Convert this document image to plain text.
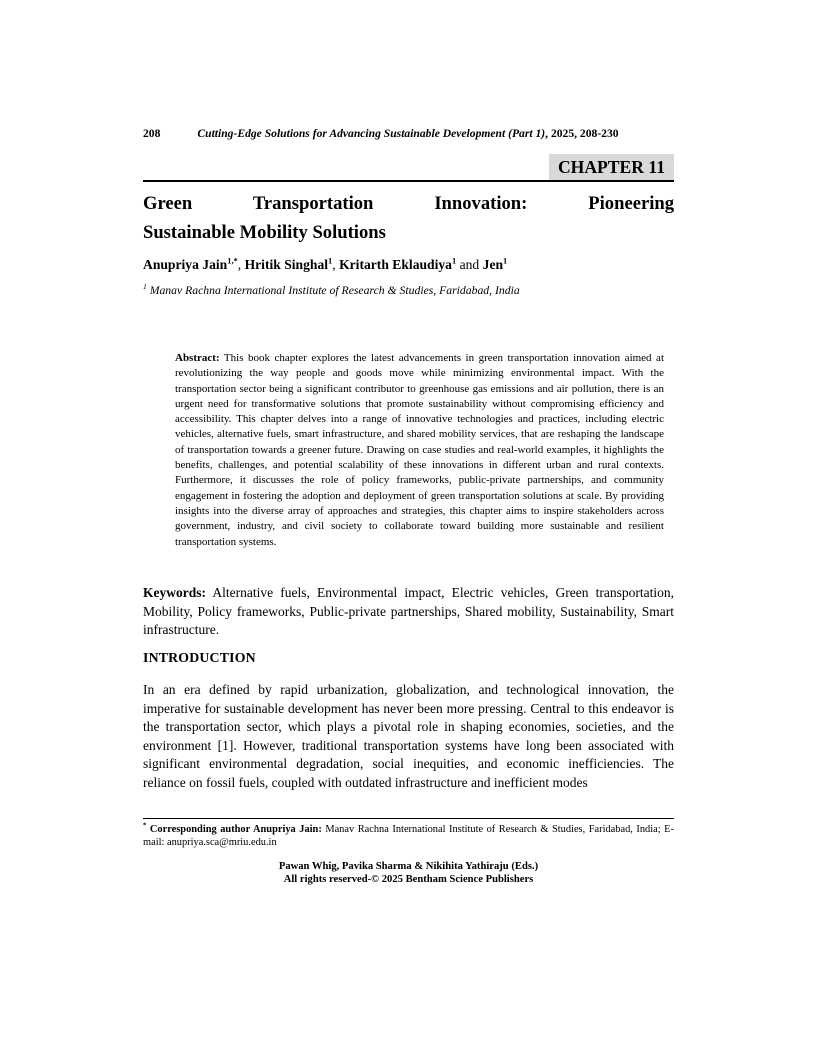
208	Cutting-Edge Solutions for Advancing Sustainable Development (Part 1), 2025, 208-230
CHAPTER 11
Green Transportation Innovation: Pioneering
Sustainable Mobility Solutions

Anupriya Jain$^{1,*}$, Hritik Singhal$^1$, Kritarth Eklaudiya$^1$ and Jen$^1$

$^1$ Manav Rachna International Institute of Research & Studies, Faridabad, India

Abstract: This book chapter explores the latest advancements in green transportation innovation aimed at revolutionizing the way people and goods move while minimizing environmental impact. With the transportation sector being a significant contributor to greenhouse gas emissions and air pollution, there is an urgent need for transformative solutions that promote sustainability without compromising efficiency and accessibility. This chapter delves into a range of innovative technologies and practices, including electric vehicles, alternative fuels, smart infrastructure, and shared mobility services, that are reshaping the landscape of transportation towards a greener future. Drawing on case studies and real-world examples, it highlights the benefits, challenges, and potential scalability of these innovations in different urban and rural contexts. Furthermore, it discusses the role of policy frameworks, public-private partnerships, and community engagement in fostering the adoption and deployment of green transportation solutions at scale. By providing insights into the diverse array of approaches and strategies, this chapter aims to inspire stakeholders across government, industry, and civil society to collaborate toward building more sustainable and resilient transportation systems.

Keywords: Alternative fuels, Environmental impact, Electric vehicles, Green transportation, Mobility, Policy frameworks, Public-private partnerships, Shared mobility, Sustainability, Smart infrastructure.

INTRODUCTION

In an era defined by rapid urbanization, globalization, and technological innovation, the imperative for sustainable development has never been more pressing. Central to this endeavor is the transportation sector, which plays a pivotal role in shaping economies, societies, and the environment [1]. However, traditional transportation systems have long been associated with significant environmental degradation, social inequities, and economic inefficiencies. The reliance on fossil fuels, coupled with outdated infrastructure and inefficient modes

* Corresponding author Anupriya Jain: Manav Rachna International Institute of Research & Studies, Faridabad, India; E-mail: anupriya.sca@mriu.edu.in
Pawan Whig, Pavika Sharma & Nikihita Yathiraju (Eds.)
All rights reserved-© 2025 Bentham Science Publishers
